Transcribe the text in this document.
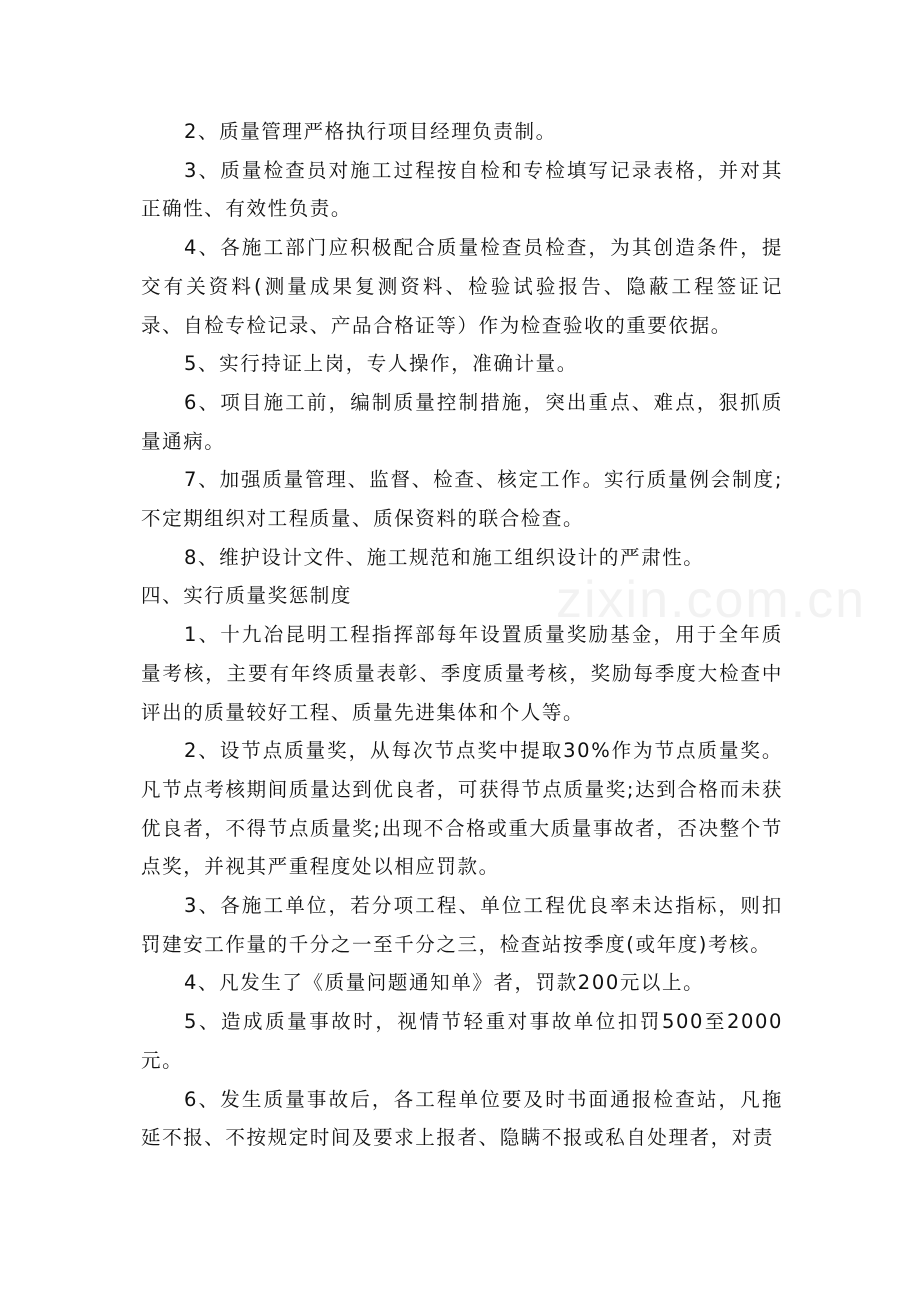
2、质量管理严格执行项目经理负责制。

3、质量检查员对施工过程按自检和专检填写记录表格，并对其正确性、有效性负责。

4、各施工部门应积极配合质量检查员检查，为其创造条件，提交有关资料(测量成果复测资料、检验试验报告、隐蔽工程签证记录、自检专检记录、产品合格证等）作为检查验收的重要依据。

5、实行持证上岗，专人操作，准确计量。

6、项目施工前，编制质量控制措施，突出重点、难点，狠抓质量通病。

7、加强质量管理、监督、检查、核定工作。实行质量例会制度;不定期组织对工程质量、质保资料的联合检查。

8、维护设计文件、施工规范和施工组织设计的严肃性。

四、实行质量奖惩制度

1、十九冶昆明工程指挥部每年设置质量奖励基金，用于全年质量考核，主要有年终质量表彰、季度质量考核，奖励每季度大检查中评出的质量较好工程、质量先进集体和个人等。

2、设节点质量奖，从每次节点奖中提取30%作为节点质量奖。凡节点考核期间质量达到优良者，可获得节点质量奖;达到合格而未获优良者，不得节点质量奖;出现不合格或重大质量事故者，否决整个节点奖，并视其严重程度处以相应罚款。

3、各施工单位，若分项工程、单位工程优良率未达指标，则扣罚建安工作量的千分之一至千分之三，检查站按季度(或年度)考核。

4、凡发生了《质量问题通知单》者，罚款200元以上。

5、造成质量事故时，视情节轻重对事故单位扣罚500至2000元。

6、发生质量事故后，各工程单位要及时书面通报检查站，凡拖延不报、不按规定时间及要求上报者、隐瞒不报或私自处理者，对责

zixin.com.cn
